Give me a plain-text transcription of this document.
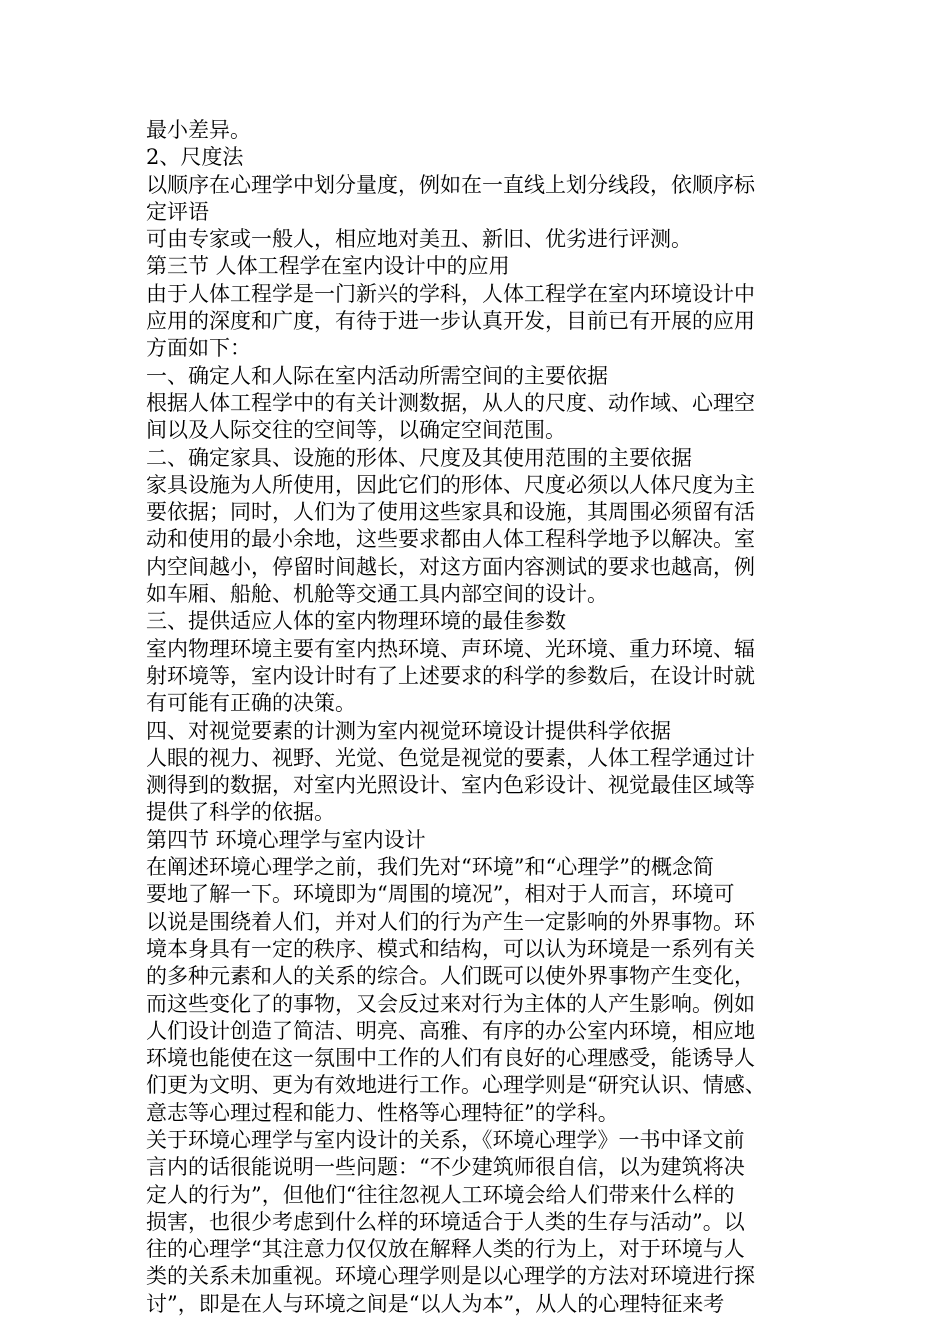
最小差异。
2、尺度法
以顺序在心理学中划分量度，例如在一直线上划分线段，依顺序标
定评语
可由专家或一般人，相应地对美丑、新旧、优劣进行评测。
第三节 人体工程学在室内设计中的应用
由于人体工程学是一门新兴的学科，人体工程学在室内环境设计中
应用的深度和广度，有待于进一步认真开发，目前已有开展的应用
方面如下：
一、确定人和人际在室内活动所需空间的主要依据
根据人体工程学中的有关计测数据，从人的尺度、动作域、心理空
间以及人际交往的空间等，以确定空间范围。
二、确定家具、设施的形体、尺度及其使用范围的主要依据
家具设施为人所使用，因此它们的形体、尺度必须以人体尺度为主
要依据；同时，人们为了使用这些家具和设施，其周围必须留有活
动和使用的最小余地，这些要求都由人体工程科学地予以解决。室
内空间越小，停留时间越长，对这方面内容测试的要求也越高，例
如车厢、船舱、机舱等交通工具内部空间的设计。
三、提供适应人体的室内物理环境的最佳参数
室内物理环境主要有室内热环境、声环境、光环境、重力环境、辐
射环境等，室内设计时有了上述要求的科学的参数后，在设计时就
有可能有正确的决策。
四、对视觉要素的计测为室内视觉环境设计提供科学依据
人眼的视力、视野、光觉、色觉是视觉的要素，人体工程学通过计
测得到的数据，对室内光照设计、室内色彩设计、视觉最佳区域等
提供了科学的依据。
第四节 环境心理学与室内设计
在阐述环境心理学之前，我们先对“环境”和“心理学”的概念简
要地了解一下。环境即为“周围的境况”，相对于人而言，环境可
以说是围绕着人们，并对人们的行为产生一定影响的外界事物。环
境本身具有一定的秩序、模式和结构，可以认为环境是一系列有关
的多种元素和人的关系的综合。人们既可以使外界事物产生变化，
而这些变化了的事物，又会反过来对行为主体的人产生影响。例如
人们设计创造了简洁、明亮、高雅、有序的办公室内环境，相应地
环境也能使在这一氛围中工作的人们有良好的心理感受，能诱导人
们更为文明、更为有效地进行工作。心理学则是“研究认识、情感、
意志等心理过程和能力、性格等心理特征”的学科。
关于环境心理学与室内设计的关系，《环境心理学》一书中译文前
言内的话很能说明一些问题：“不少建筑师很自信，以为建筑将决
定人的行为”，但他们“往往忽视人工环境会给人们带来什么样的
损害，也很少考虑到什么样的环境适合于人类的生存与活动”。以
往的心理学“其注意力仅仅放在解释人类的行为上，对于环境与人
类的关系未加重视。环境心理学则是以心理学的方法对环境进行探
讨”，即是在人与环境之间是“以人为本”，从人的心理特征来考
